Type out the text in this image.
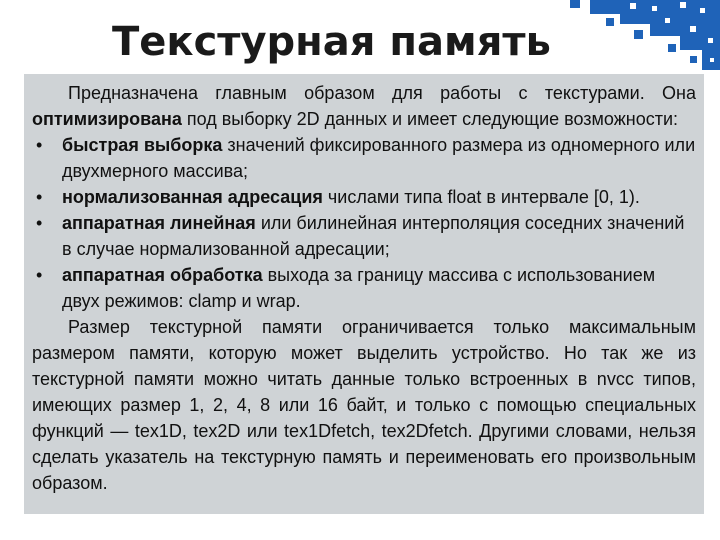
Текстурная память

Предназначена главным образом для работы с текстурами. Она оптимизирована под выборку 2D данных и имеет следующие возможности:

• быстрая выборка значений фиксированного размера из одномерного или двухмерного массива;
• нормализованная адресация числами типа float в интервале [0, 1).
• аппаратная линейная или билинейная интерполяция соседних значений в случае нормализованной адресации;
• аппаратная обработка выхода за границу массива с использованием двух режимов: clamp и wrap.

Размер текстурной памяти ограничивается только максимальным размером памяти, которую может выделить устройство. Но так же из текстурной памяти можно читать данные только встроенных в nvcc типов, имеющих размер 1, 2, 4, 8 или 16 байт, и только с помощью специальных функций — tex1D, tex2D или tex1Dfetch, tex2Dfetch. Другими словами, нельзя сделать указатель на текстурную память и переименовать его произвольным образом.
